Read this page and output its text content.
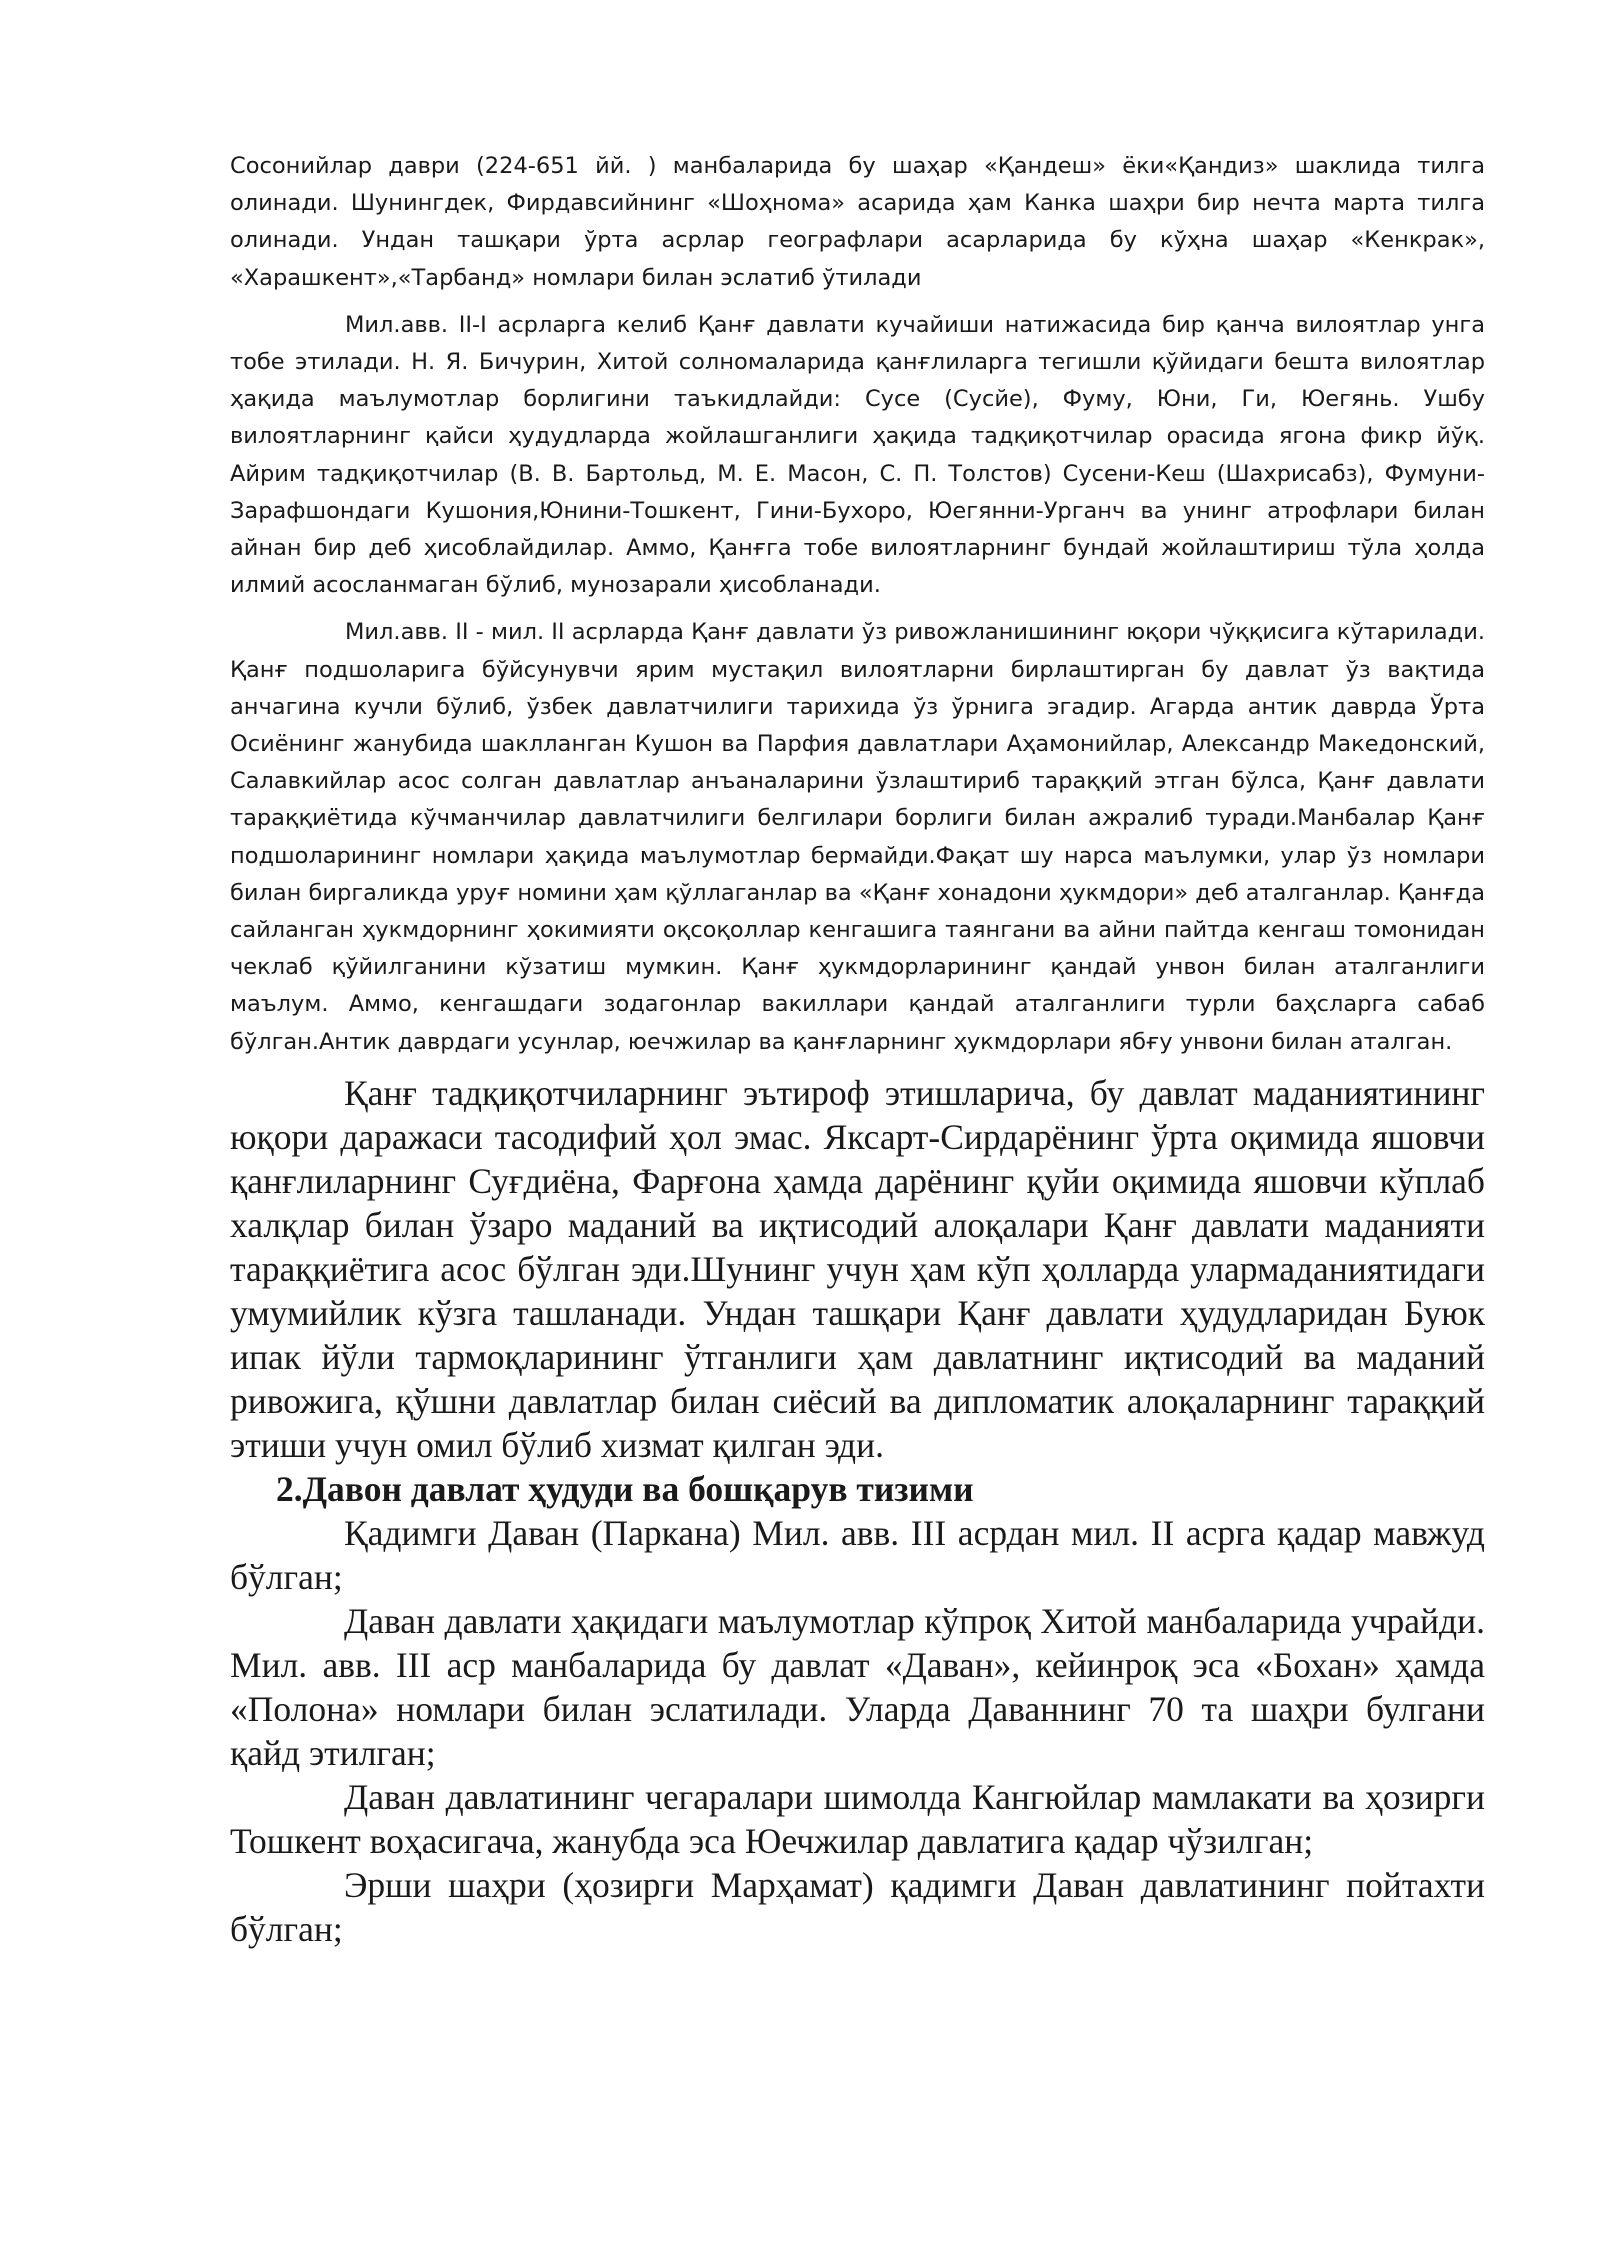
Сосонийлар даври (224-651 йй. ) манбаларида бу шаҳар «Қандеш» ёки«Қандиз» шаклида тилга олинади. Шунингдек, Фирдавсийнинг «Шоҳнома» асарида ҳам Канка шаҳри бир нечта марта тилга олинади. Ундан ташқари ўрта асрлар географлари асарларида бу кўҳна шаҳар «Кенкрак», «Харашкент»,«Тарбанд» номлари билан эслатиб ўтилади

Мил.авв. II-I асрларга келиб Қанғ давлати кучайиши натижасида бир қанча вилоятлар унга тобе этилади. Н. Я. Бичурин, Хитой солномаларида қанғлиларга тегишли қўйидаги бешта вилоятлар ҳақида маълумотлар борлигини таъкидлайди: Сусе (Сусйе), Фуму, Юни, Ги, Юегянь. Ушбу вилоятларнинг қайси ҳудудларда жойлашганлиги ҳақида тадқиқотчилар орасида ягона фикр йўқ. Айрим тадқиқотчилар (В. В. Бартольд, М. Е. Масон, С. П. Толстов) Сусени-Кеш (Шахрисабз), Фумуни-Зарафшондаги Кушония,Юнини-Тошкент, Гини-Бухоро, Юегянни-Урганч ва унинг атрофлари билан айнан бир деб ҳисоблайдилар. Аммо, Қанғга тобе вилоятларнинг бундай жойлаштириш тўла ҳолда илмий асосланмаган бўлиб, мунозарали ҳисобланади.

Мил.авв. II - мил. II асрларда Қанғ давлати ўз ривожланишининг юқори чўққисига кўтарилади. Қанғ подшоларига бўйсунувчи ярим мустақил вилоятларни бирлаштирган бу давлат ўз вақтида анчагина кучли бўлиб, ўзбек давлатчилиги тарихида ўз ўрнига эгадир. Агарда антик даврда Ўрта Осиёнинг жанубида шаклланган Кушон ва Парфия давлатлари Аҳамонийлар, Александр Македонский, Салавкийлар асос солган давлатлар анъаналарини ўзлаштириб тараққий этган бўлса, Қанғ давлати тараққиётида кўчманчилар давлатчилиги белгилари борлиги билан ажралиб туради.Манбалар Қанғ подшоларининг номлари ҳақида маълумотлар бермайди.Фақат шу нарса маълумки, улар ўз номлари билан биргаликда уруғ номини ҳам қўллаганлар ва «Қанғ хонадони ҳукмдори» деб аталганлар. Қанғда сайланган ҳукмдорнинг ҳокимияти оқсоқоллар кенгашига таянгани ва айни пайтда кенгаш томонидан чеклаб қўйилганини кўзатиш мумкин. Қанғ ҳукмдорларининг қандай унвон билан аталганлиги маълум. Аммо, кенгашдаги зодагонлар вакиллари қандай аталганлиги турли баҳсларга сабаб бўлган.Антик даврдаги усунлар, юечжилар ва қанғларнинг ҳукмдорлари ябғу унвони билан аталган.

Қанғ тадқиқотчиларнинг эътироф этишларича, бу давлат маданиятининг юқори даражаси тасодифий ҳол эмас. Яксарт-Сирдарёнинг ўрта оқимида яшовчи қанғлиларнинг Суғдиёна, Фарғона ҳамда дарёнинг қуйи оқимида яшовчи кўплаб халқлар билан ўзаро маданий ва иқтисодий алоқалари Қанғ давлати маданияти тараққиётига асос бўлган эди.Шунинг учун ҳам кўп ҳолларда улармаданиятидаги умумийлик кўзга ташланади. Ундан ташқари Қанғ давлати ҳудудларидан Буюк ипак йўли тармоқларининг ўтганлиги ҳам давлатнинг иқтисодий ва маданий ривожига, қўшни давлатлар билан сиёсий ва дипломатик алоқаларнинг тараққий этиши учун омил бўлиб хизмат қилган эди.

2.Давон давлат ҳудуди ва бошқарув тизими

Қадимги Даван (Паркана) Мил. авв. III асрдан мил. II асрга қадар мавжуд бўлган;

Даван давлати ҳақидаги маълумотлар кўпроқ Хитой манбаларида учрайди. Мил. авв. III аср манбаларида бу давлат «Даван», кейинроқ эса «Бохан» ҳамда «Полона» номлари билан эслатилади. Уларда Даваннинг 70 та шаҳри булгани қайд этилган;

Даван давлатининг чегаралари шимолда Кангюйлар мамлакати ва ҳозирги Тошкент воҳасигача, жанубда эса Юечжилар давлатига қадар чўзилган;

Эрши шаҳри (ҳозирги Марҳамат) қадимги Даван давлатининг пойтахти бўлган;
